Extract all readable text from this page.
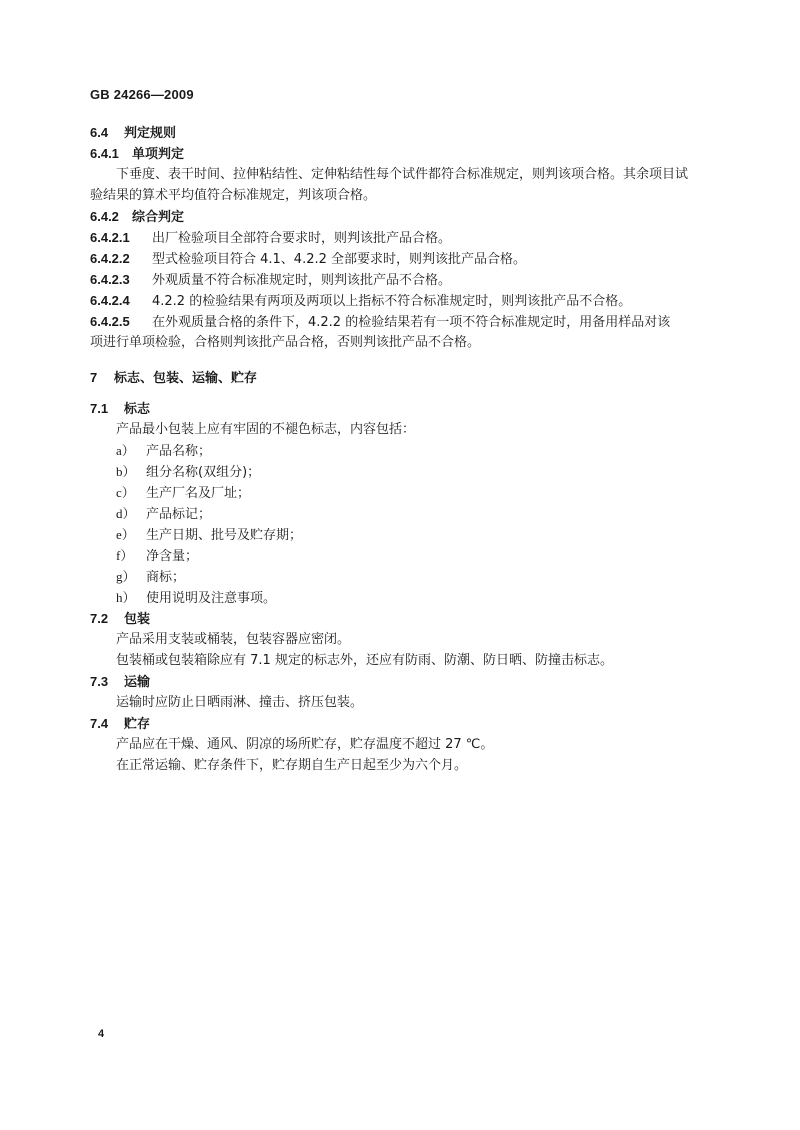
GB 24266—2009
6.4 判定规则
6.4.1 单项判定
下垂度、表干时间、拉伸粘结性、定伸粘结性每个试件都符合标准规定，则判该项合格。其余项目试
验结果的算术平均值符合标准规定，判该项合格。
6.4.2 综合判定
6.4.2.1 出厂检验项目全部符合要求时，则判该批产品合格。
6.4.2.2 型式检验项目符合 4.1、4.2.2 全部要求时，则判该批产品合格。
6.4.2.3 外观质量不符合标准规定时，则判该批产品不合格。
6.4.2.4 4.2.2 的检验结果有两项及两项以上指标不符合标准规定时，则判该批产品不合格。
6.4.2.5 在外观质量合格的条件下，4.2.2 的检验结果若有一项不符合标准规定时，用备用样品对该
项进行单项检验，合格则判该批产品合格，否则判该批产品不合格。
7 标志、包装、运输、贮存
7.1 标志
产品最小包装上应有牢固的不褪色标志，内容包括：
a） 产品名称；
b） 组分名称(双组分)；
c） 生产厂名及厂址；
d） 产品标记；
e） 生产日期、批号及贮存期；
f） 净含量；
g） 商标；
h） 使用说明及注意事项。
7.2 包装
产品采用支装或桶装，包装容器应密闭。
包装桶或包装箱除应有 7.1 规定的标志外，还应有防雨、防潮、防日晒、防撞击标志。
7.3 运输
运输时应防止日晒雨淋、撞击、挤压包装。
7.4 贮存
产品应在干燥、通风、阴凉的场所贮存，贮存温度不超过 27 ℃。
在正常运输、贮存条件下，贮存期自生产日起至少为六个月。
4
